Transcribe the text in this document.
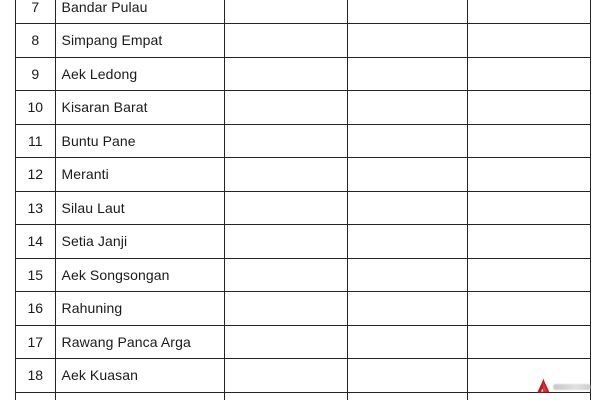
7	Bandar Pulau
8	Simpang Empat
9	Aek Ledong
10	Kisaran Barat
11	Buntu Pane
12	Meranti
13	Silau Laut
14	Setia Janji
15	Aek Songsongan
16	Rahuning
17	Rawang Panca Arga
18	Aek Kuasan
